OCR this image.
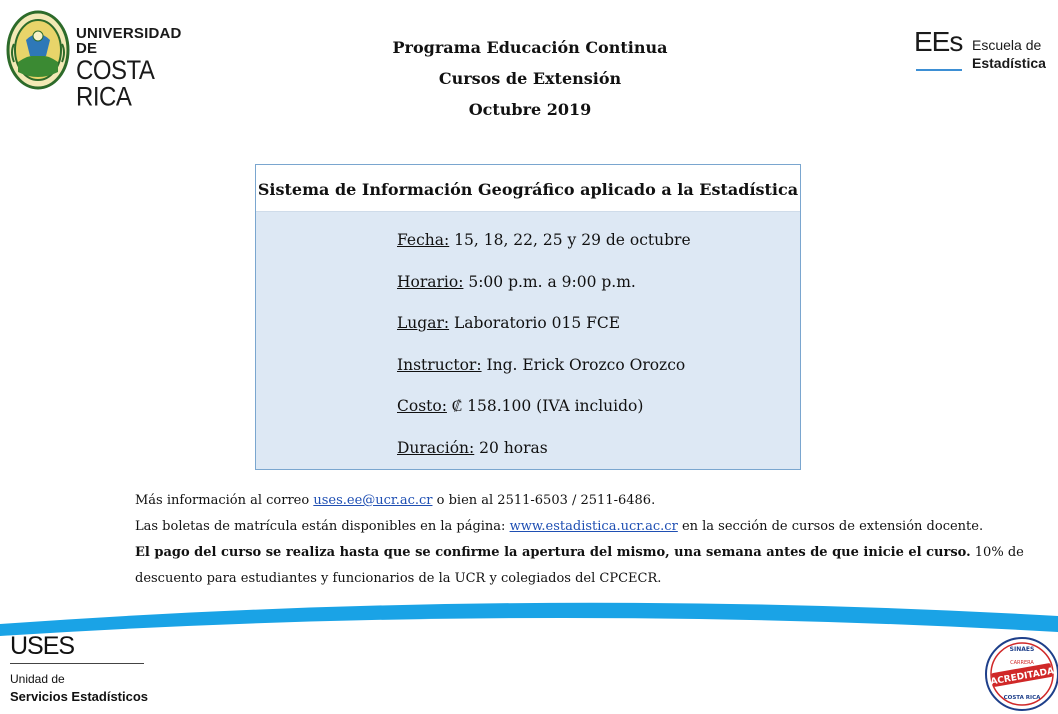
UNIVERSIDAD DE
COSTA RICA
Programa Educación Continua
Cursos de Extensión
Octubre 2019
EEs Escuela de
Estadística
Sistema de Información Geográfico aplicado a la Estadística
Fecha: 15, 18, 22, 25 y 29 de octubre
Horario: 5:00 p.m. a 9:00 p.m.
Lugar: Laboratorio 015 FCE
Instructor: Ing. Erick Orozco Orozco
Costo: ₡ 158.100 (IVA incluido)
Duración: 20 horas
Más información al correo uses.ee@ucr.ac.cr o bien al 2511-6503 / 2511-6486.
Las boletas de matrícula están disponibles en la página: www.estadistica.ucr.ac.cr en la sección de cursos de extensión docente.
El pago del curso se realiza hasta que se confirme la apertura del mismo, una semana antes de que inicie el curso. 10% de
descuento para estudiantes y funcionarios de la UCR y colegiados del CPCECR.
USES
Unidad de
Servicios Estadísticos
SINAES
CARRERA
ACREDITADA
COSTA RICA
